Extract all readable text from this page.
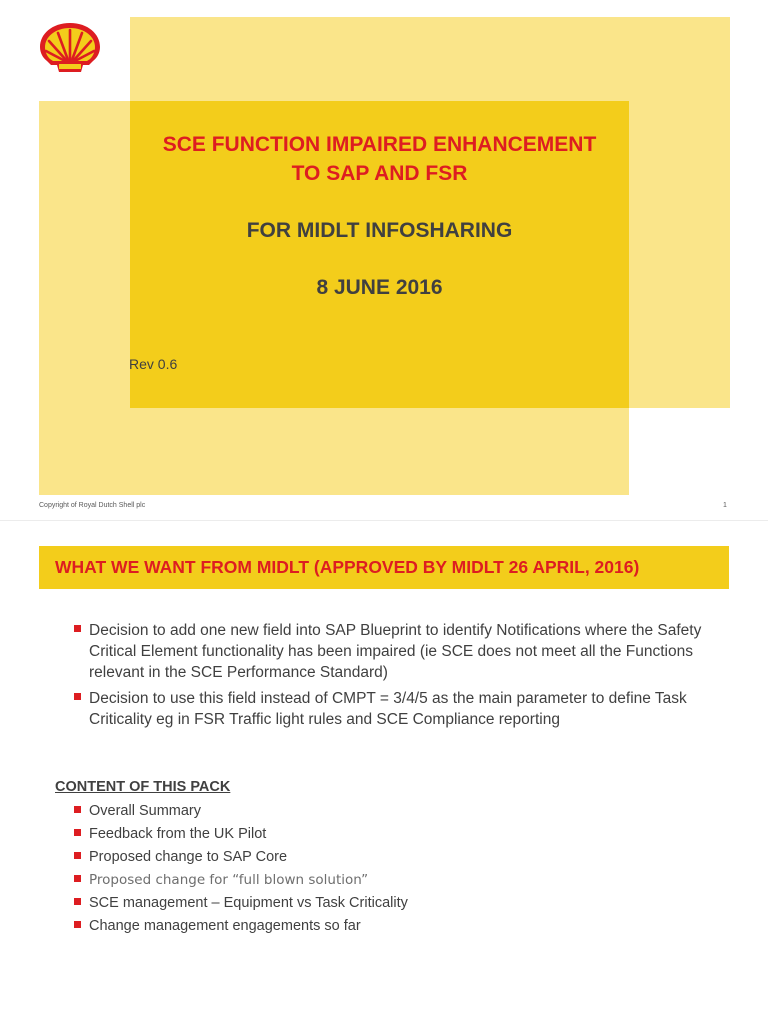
SCE FUNCTION IMPAIRED ENHANCEMENT

TO SAP AND FSR

FOR MIDLT INFOSHARING

8 JUNE 2016

Rev 0.6
Copyright of Royal Dutch Shell plc	1

WHAT WE WANT FROM MIDLT (APPROVED BY MIDLT 26 APRIL, 2016)

Decision to add one new field into SAP Blueprint to identify Notifications where the Safety Critical Element functionality has been impaired (ie SCE does not meet all the Functions relevant in the SCE Performance Standard)
Decision to use this field instead of CMPT = 3/4/5 as the main parameter to define Task Criticality eg in FSR Traffic light rules and SCE Compliance reporting

CONTENT OF THIS PACK

Overall Summary
Feedback from the UK Pilot
Proposed change to SAP Core
Proposed change for “full blown solution”
SCE management – Equipment vs Task Criticality
Change management engagements so far
